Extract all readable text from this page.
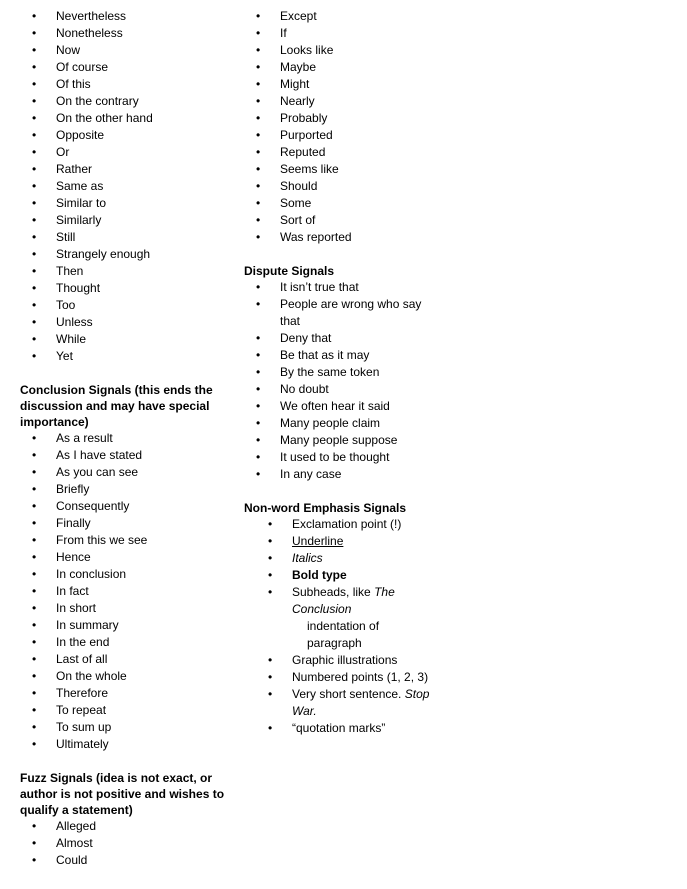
• Nevertheless
• Nonetheless
• Now
• Of course
• Of this
• On the contrary
• On the other hand
• Opposite
• Or
• Rather
• Same as
• Similar to
• Similarly
• Still
• Strangely enough
• Then
• Thought
• Too
• Unless
• While
• Yet

Conclusion Signals (this ends the discussion and may have special importance)

• As a result
• As I have stated
• As you can see
• Briefly
• Consequently
• Finally
• From this we see
• Hence
• In conclusion
• In fact
• In short
• In summary
• In the end
• Last of all
• On the whole
• Therefore
• To repeat
• To sum up
• Ultimately

Fuzz Signals (idea is not exact, or author is not positive and wishes to qualify a statement)

• Alleged
• Almost
• Could
• Except
• If
• Looks like
• Maybe
• Might
• Nearly
• Probably
• Purported
• Reputed
• Seems like
• Should
• Some
• Sort of
• Was reported

Dispute Signals

• It isn’t true that
• People are wrong who say that
• Deny that
• Be that as it may
• By the same token
• No doubt
• We often hear it said
• Many people claim
• Many people suppose
• It used to be thought
• In any case

Non-word Emphasis Signals

• Exclamation point (!)
• Underline
• Italics
• Bold type
• Subheads, like The Conclusion
indentation of paragraph
• Graphic illustrations
• Numbered points (1, 2, 3)
• Very short sentence. Stop War.
• “quotation marks”
